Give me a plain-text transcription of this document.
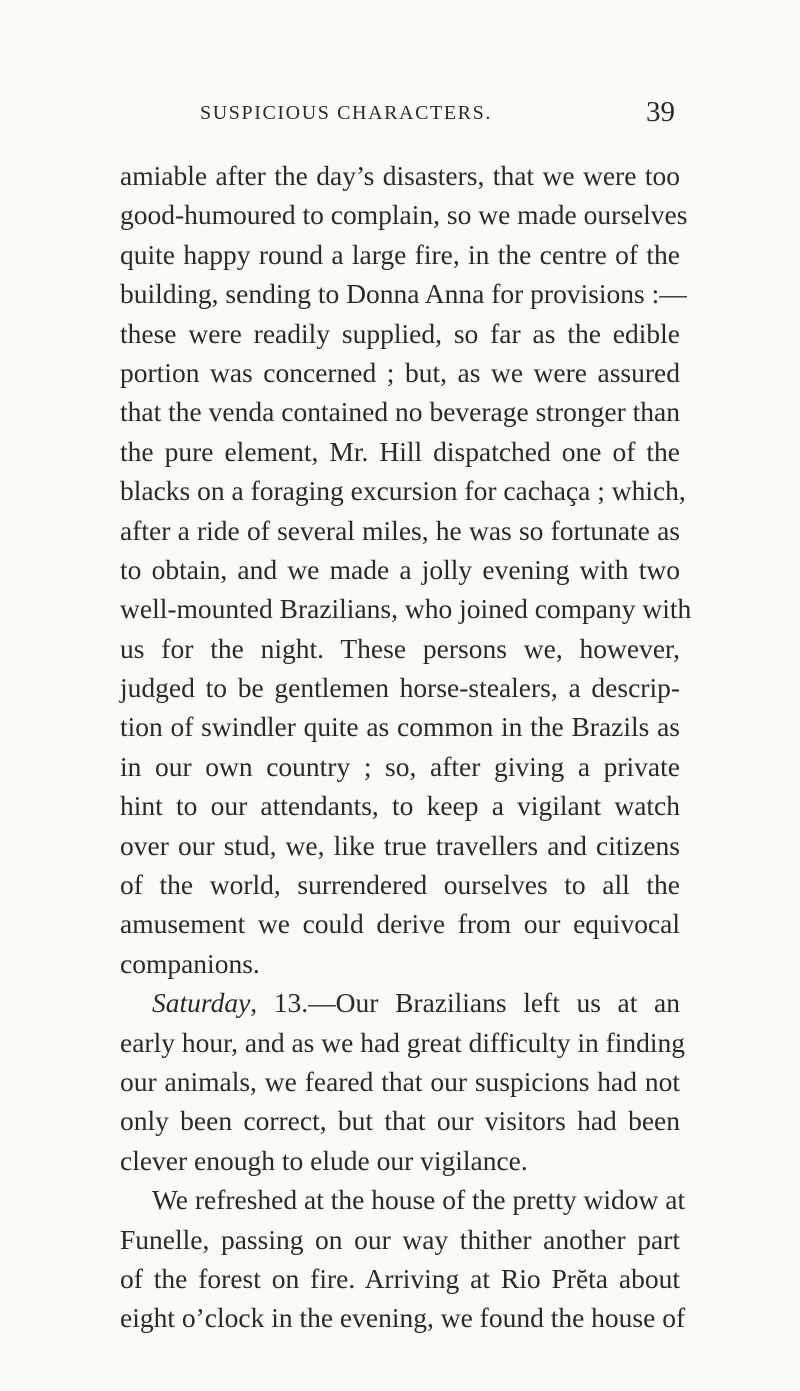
SUSPICIOUS CHARACTERS.	39
amiable after the day’s disasters, that we were too
good-humoured to complain, so we made ourselves
quite happy round a large fire, in the centre of the
building, sending to Donna Anna for provisions :—
these were readily supplied, so far as the edible
portion was concerned ; but, as we were assured
that the venda contained no beverage stronger than
the pure element, Mr. Hill dispatched one of the
blacks on a foraging excursion for cachaça ; which,
after a ride of several miles, he was so fortunate as
to obtain, and we made a jolly evening with two
well-mounted Brazilians, who joined company with
us for the night. These persons we, however,
judged to be gentlemen horse-stealers, a descrip-
tion of swindler quite as common in the Brazils as
in our own country ; so, after giving a private
hint to our attendants, to keep a vigilant watch
over our stud, we, like true travellers and citizens
of the world, surrendered ourselves to all the
amusement we could derive from our equivocal
companions.
Saturday, 13.—Our Brazilians left us at an
early hour, and as we had great difficulty in finding
our animals, we feared that our suspicions had not
only been correct, but that our visitors had been
clever enough to elude our vigilance.
We refreshed at the house of the pretty widow at
Funelle, passing on our way thither another part
of the forest on fire. Arriving at Rio Prĕta about
eight o’clock in the evening, we found the house of
